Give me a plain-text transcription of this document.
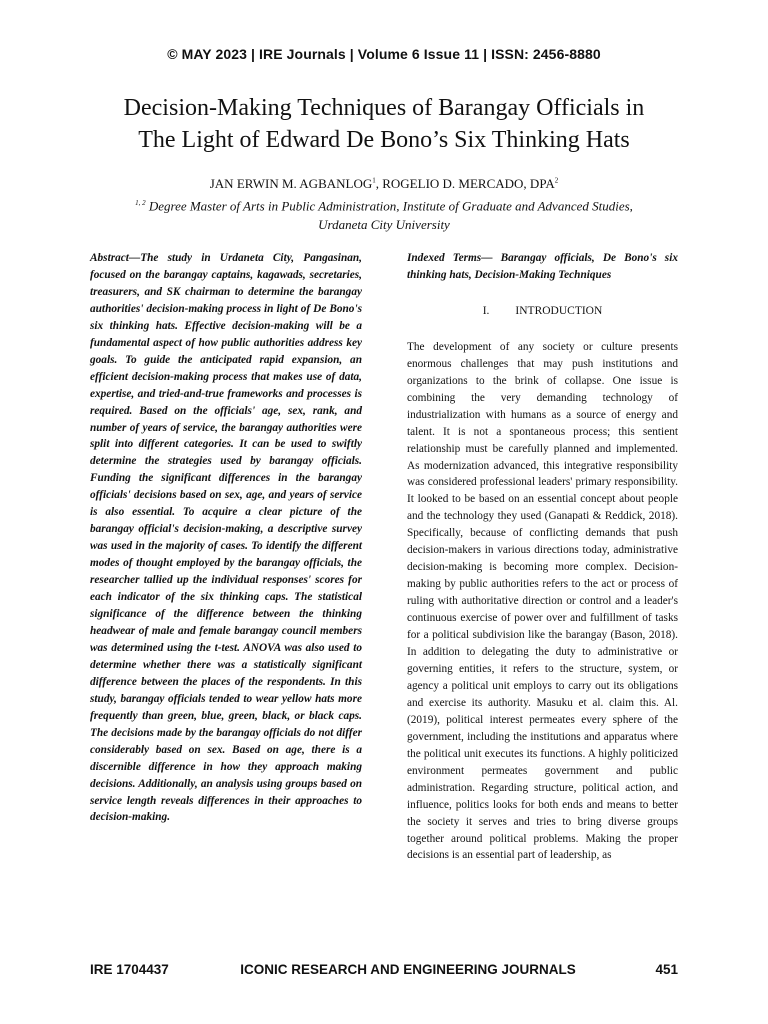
© MAY 2023 | IRE Journals | Volume 6 Issue 11 | ISSN: 2456-8880
Decision-Making Techniques of Barangay Officials in
The Light of Edward De Bono’s Six Thinking Hats
JAN ERWIN M. AGBANLOG$^1$, ROGELIO D. MERCADO, DPA$^2$
$^{1, 2}$ Degree Master of Arts in Public Administration, Institute of Graduate and Advanced Studies,
Urdaneta City University
Abstract—The study in Urdaneta City, Pangasinan, focused on the barangay captains, kagawads, secretaries, treasurers, and SK chairman to determine the barangay authorities' decision-making process in light of De Bono's six thinking hats. Effective decision-making will be a fundamental aspect of how public authorities address key goals. To guide the anticipated rapid expansion, an efficient decision-making process that makes use of data, expertise, and tried-and-true frameworks and processes is required. Based on the officials' age, sex, rank, and number of years of service, the barangay authorities were split into different categories. It can be used to swiftly determine the strategies used by barangay officials. Funding the significant differences in the barangay officials' decisions based on sex, age, and years of service is also essential. To acquire a clear picture of the barangay official's decision-making, a descriptive survey was used in the majority of cases. To identify the different modes of thought employed by the barangay officials, the researcher tallied up the individual responses' scores for each indicator of the six thinking caps. The statistical significance of the difference between the thinking headwear of male and female barangay council members was determined using the t-test. ANOVA was also used to determine whether there was a statistically significant difference between the places of the respondents. In this study, barangay officials tended to wear yellow hats more frequently than green, blue, green, black, or black caps. The decisions made by the barangay officials do not differ considerably based on sex. Based on age, there is a discernible difference in how they approach making decisions. Additionally, an analysis using groups based on service length reveals differences in their approaches to decision-making.
Indexed Terms— Barangay officials, De Bono's six thinking hats, Decision-Making Techniques
I. INTRODUCTION
The development of any society or culture presents enormous challenges that may push institutions and organizations to the brink of collapse. One issue is combining the very demanding technology of industrialization with humans as a source of energy and talent. It is not a spontaneous process; this sentient relationship must be carefully planned and implemented. As modernization advanced, this integrative responsibility was considered professional leaders' primary responsibility. It looked to be based on an essential concept about people and the technology they used (Ganapati & Reddick, 2018). Specifically, because of conflicting demands that push decision-makers in various directions today, administrative decision-making is becoming more complex. Decision-making by public authorities refers to the act or process of ruling with authoritative direction or control and a leader's continuous exercise of power over and fulfillment of tasks for a political subdivision like the barangay (Bason, 2018). In addition to delegating the duty to administrative or governing entities, it refers to the structure, system, or agency a political unit employs to carry out its obligations and exercise its authority. Masuku et al. claim this. Al. (2019), political interest permeates every sphere of the government, including the institutions and apparatus where the political unit executes its functions. A highly politicized environment permeates government and public administration. Regarding structure, political action, and influence, politics looks for both ends and means to better the society it serves and tries to bring diverse groups together around political problems. Making the proper decisions is an essential part of leadership, as
IRE 1704437	ICONIC RESEARCH AND ENGINEERING JOURNALS	451
